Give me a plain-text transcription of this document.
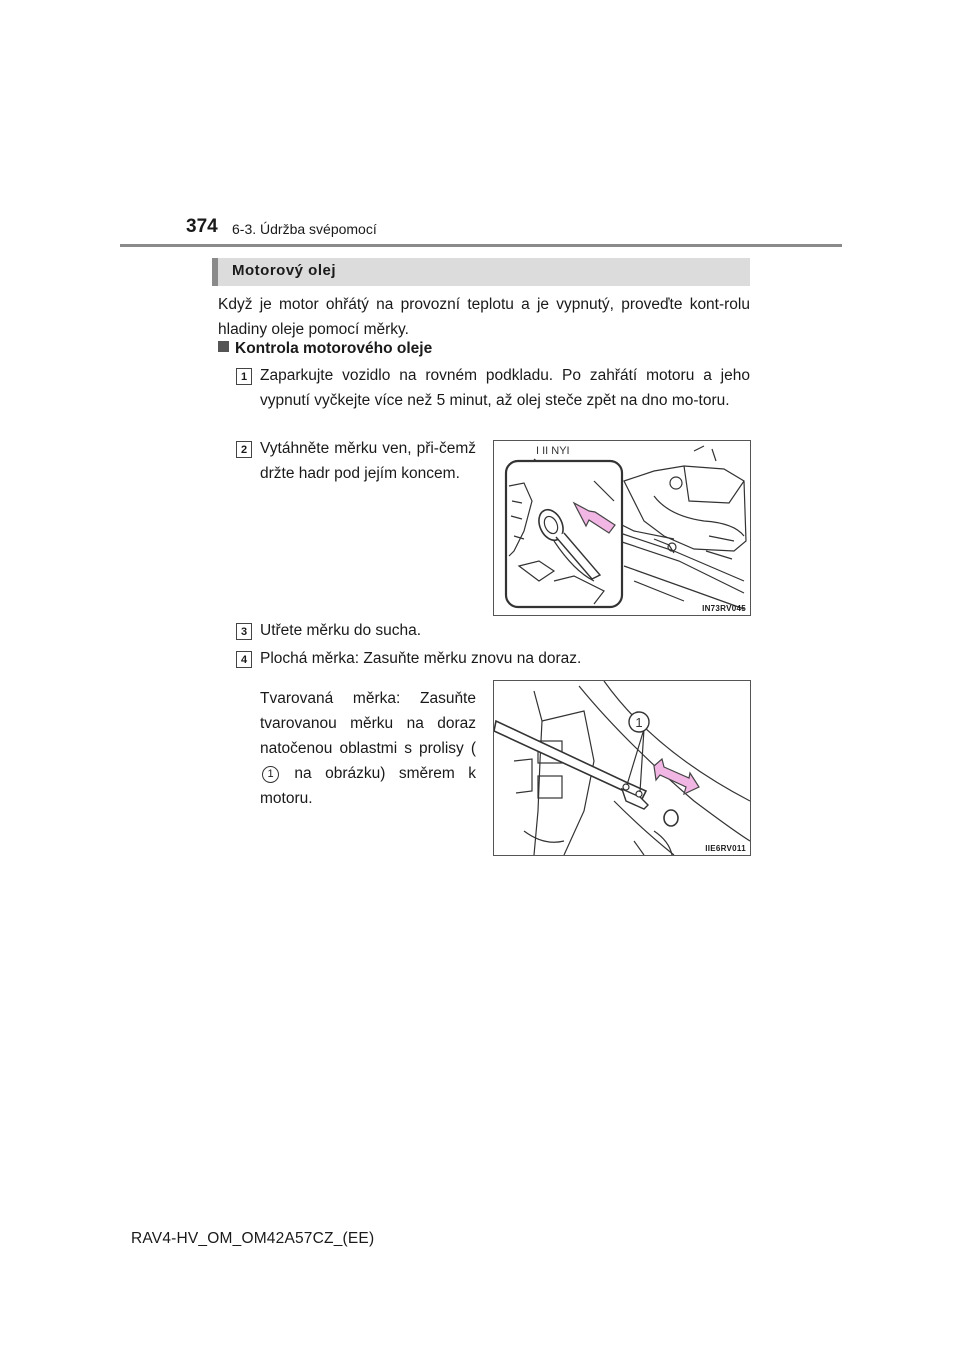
374 6-3. Údržba svépomocí
Motorový olej
Když je motor ohřátý na provozní teplotu a je vypnutý, proveďte kont-rolu hladiny oleje pomocí měrky.
Kontrola motorového oleje
1 Zaparkujte vozidlo na rovném podkladu. Po zahřátí motoru a jeho vypnutí vyčkejte více než 5 minut, až olej steče zpět na dno mo-toru.
2 Vytáhněte měrku ven, při-čemž držte hadr pod jejím koncem.
I II NYI
IN73RV045
3 Utřete měrku do sucha.
4 Plochá měrka: Zasuňte měrku znovu na doraz.
Tvarovaná měrka: Zasuňte tvarovanou měrku na doraz natočenou oblastmi s prolisy (1 na obrázku) směrem k motoru.
1
IIE6RV011
RAV4-HV_OM_OM42A57CZ_(EE)
